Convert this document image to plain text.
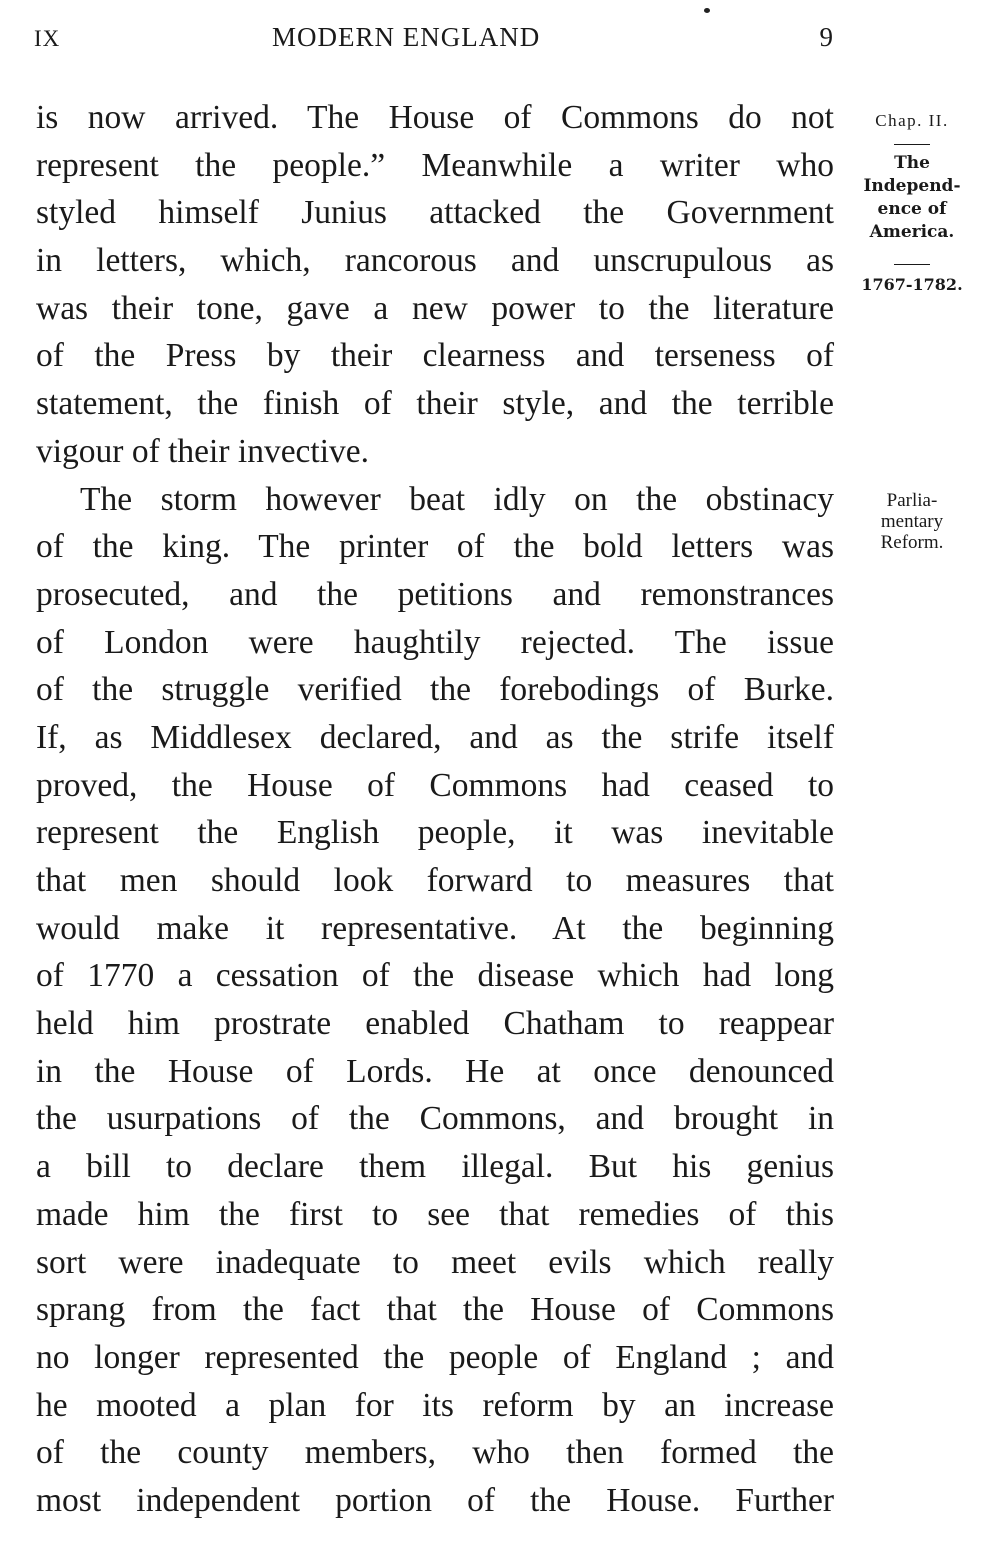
IX	MODERN ENGLAND	9
is now arrived. The House of Commons do not
represent the people.” Meanwhile a writer who
styled himself Junius attacked the Government
in letters, which, rancorous and unscrupulous as
was their tone, gave a new power to the literature
of the Press by their clearness and terseness of
statement, the finish of their style, and the terrible
vigour of their invective.
The storm however beat idly on the obstinacy
of the king. The printer of the bold letters was
prosecuted, and the petitions and remonstrances
of London were haughtily rejected. The issue
of the struggle verified the forebodings of Burke.
If, as Middlesex declared, and as the strife itself
proved, the House of Commons had ceased to
represent the English people, it was inevitable
that men should look forward to measures that
would make it representative. At the beginning
of 1770 a cessation of the disease which had long
held him prostrate enabled Chatham to reappear
in the House of Lords. He at once denounced
the usurpations of the Commons, and brought in
a bill to declare them illegal. But his genius
made him the first to see that remedies of this
sort were inadequate to meet evils which really
sprang from the fact that the House of Commons
no longer represented the people of England ; and
he mooted a plan for its reform by an increase
of the county members, who then formed the
most independent portion of the House. Further
Chap. II.
The
Independ-
ence of
America.
1767-1782.
Parlia-
mentary
Reform.
